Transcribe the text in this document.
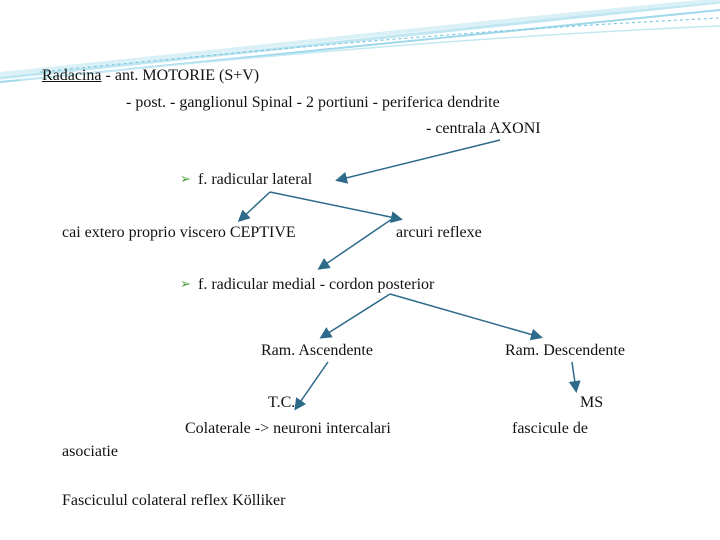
Radacina - ant. MOTORIE (S+V)
- post. - ganglionul Spinal - 2 portiuni - periferica dendrite
- centrala AXONI
➢ f. radicular lateral
cai extero proprio viscero CEPTIVE	arcuri reflexe
➢ f. radicular medial - cordon posterior
Ram. Ascendente	Ram. Descendente
T.C.	MS
Colaterale -> neuroni intercalari	fascicule de
asociatie
Fasciculul colateral reflex Kölliker
